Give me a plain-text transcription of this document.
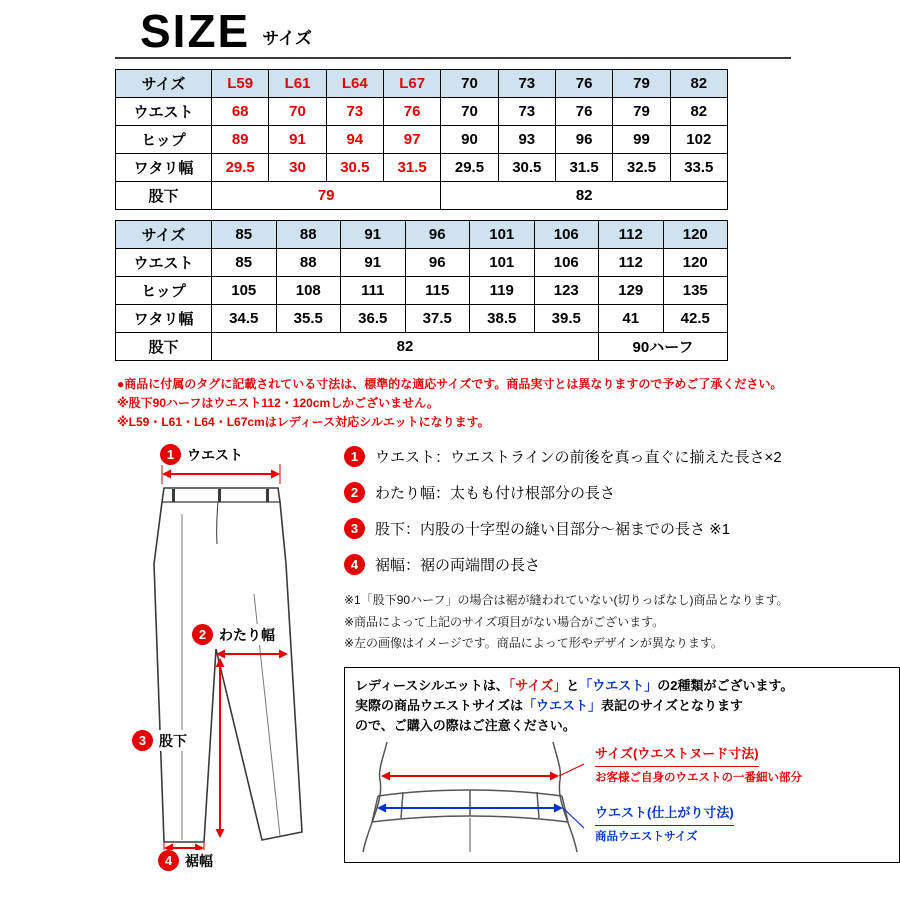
SIZE サイズ
サイズ	L59	L61	L64	L67	70	73	76	79	82
ウエスト	68	70	73	76	70	73	76	79	82
ヒップ	89	91	94	97	90	93	96	99	102
ワタリ幅	29.5	30	30.5	31.5	29.5	30.5	31.5	32.5	33.5
股下	79				82				
サイズ	85	88	91	96	101	106	112	120
ウエスト	85	88	91	96	101	106	112	120
ヒップ	105	108	111	115	119	123	129	135
ワタリ幅	34.5	35.5	36.5	37.5	38.5	39.5	41	42.5
股下	82						90ハーフ	

●商品に付属のタグに記載されている寸法は、標準的な適応サイズです。商品実寸とは異なりますので予めご了承ください。

※股下90ハーフはウエスト112・120cmしかございません。

※L59・L61・L64・L67cmはレディース対応シルエットになります。

1 ウエスト
2 わたり幅
3 股下
4 裾幅
1	ウエスト：ウエストラインの前後を真っ直ぐに揃えた長さ×2
2	わたり幅：太もも付け根部分の長さ
3	股下：内股の十字型の縫い目部分〜裾までの長さ ※1
4	裾幅：裾の両端間の長さ

※1「股下90ハーフ」の場合は裾が縫われていない(切りっぱなし)商品となります。

※商品によって上記のサイズ項目がない場合がございます。

※左の画像はイメージです。商品によって形やデザインが異なります。

レディースシルエットは、「サイズ」と「ウエスト」の2種類がございます。

実際の商品ウエストサイズは「ウエスト」表記のサイズとなります

ので、ご購入の際はご注意ください。

サイズ(ウエストヌード寸法)
お客様ご自身のウエストの一番細い部分
ウエスト(仕上がり寸法)
商品ウエストサイズ
